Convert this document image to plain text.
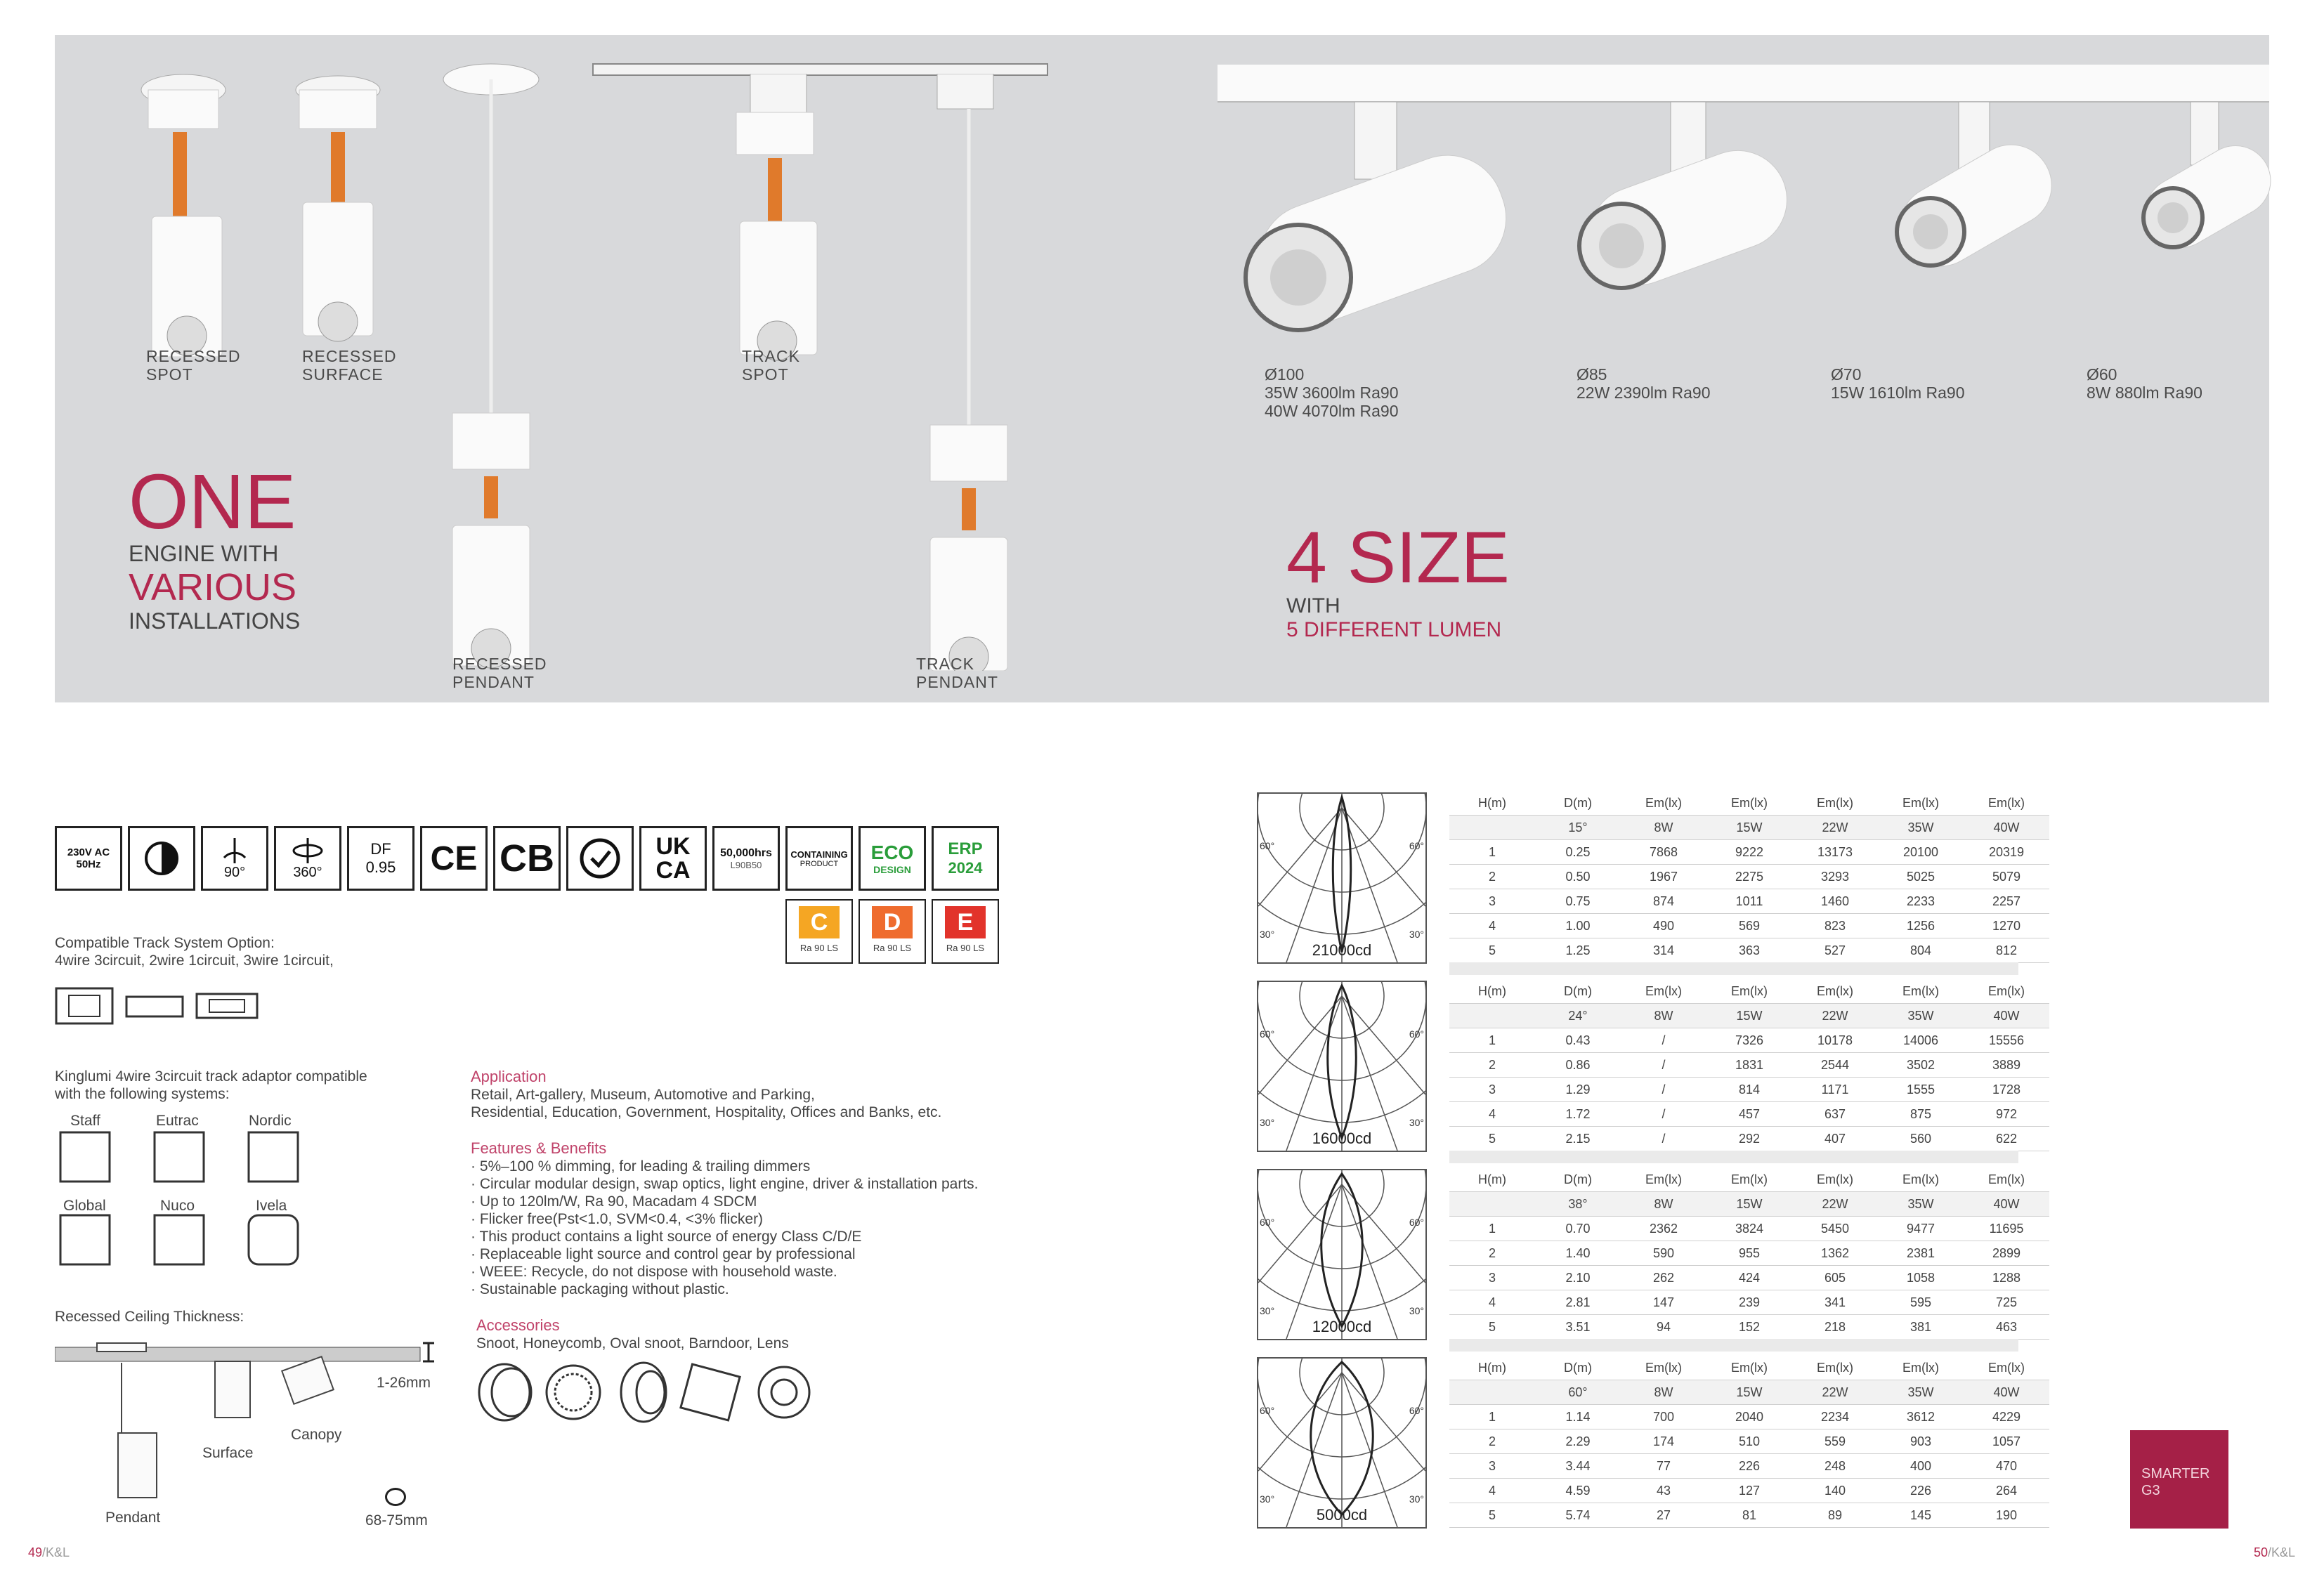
RECESSED
SPOT
RECESSED
SURFACE
TRACK
SPOT
RECESSED
PENDANT
TRACK
PENDANT
ONE
ENGINE WITH
VARIOUS
INSTALLATIONS
Ø100
35W 3600lm Ra90
40W 4070lm Ra90
Ø85
22W 2390lm Ra90
Ø70
15W 1610lm Ra90
Ø60
8W 880lm Ra90
4 SIZE
WITH
5 DIFFERENT LUMEN
230V AC 50Hz	90°	360°
DF
0.95	CE CB	UK
CA
50,000hrs
L90B50
CONTAINING
PRODUCT
ECO
DESIGN
ERP
2024
C
Ra 90 LS
D
Ra 90 LS
E
Ra 90 LS
Compatible Track System Option:
4wire 3circuit, 2wire 1circuit, 3wire 1circuit,
Kinglumi 4wire 3circuit track adaptor compatible
with the following systems:
Staff	Eutrac	Nordic
Global	Nuco	Ivela
Application
Retail, Art-gallery, Museum, Automotive and Parking,
Residential, Education, Government, Hospitality, Offices and Banks, etc.
Features & Benefits
· 5%–100 % dimming, for leading & trailing dimmers
· Circular modular design, swap optics, light engine, driver & installation parts.
· Up to 120lm/W, Ra 90, Macadam 4 SDCM
· Flicker free(Pst<1.0, SVM<0.4, <3% flicker)
· This product contains a light source of energy Class C/D/E
· Replaceable light source and control gear by professional
· WEEE: Recycle, do not dispose with household waste.
· Sustainable packaging without plastic.
Accessories
Snoot, Honeycomb, Oval snoot, Barndoor, Lens
Recessed Ceiling Thickness:
1-26mm
Surface
Canopy
Pendant	68-75mm
60°	60°
30°	30°
21000cd
60°	60°
30°	30°
16000cd
60°	60°
30°	30°
12000cd
60°	60°
30°	30°
5000cd
H(m)	D(m)	Em(lx)	Em(lx)	Em(lx)	Em(lx)	Em(lx)
	15°	8W	15W	22W	35W	40W
1	0.25	7868	9222	13173	20100	20319
2	0.50	1967	2275	3293	5025	5079
3	0.75	874	1011	1460	2233	2257
4	1.00	490	569	823	1256	1270
5	1.25	314	363	527	804	812
H(m)	D(m)	Em(lx)	Em(lx)	Em(lx)	Em(lx)	Em(lx)
	24°	8W	15W	22W	35W	40W
1	0.43	/	7326	10178	14006	15556
2	0.86	/	1831	2544	3502	3889
3	1.29	/	814	1171	1555	1728
4	1.72	/	457	637	875	972
5	2.15	/	292	407	560	622
H(m)	D(m)	Em(lx)	Em(lx)	Em(lx)	Em(lx)	Em(lx)
	38°	8W	15W	22W	35W	40W
1	0.70	2362	3824	5450	9477	11695
2	1.40	590	955	1362	2381	2899
3	2.10	262	424	605	1058	1288
4	2.81	147	239	341	595	725
5	3.51	94	152	218	381	463
H(m)	D(m)	Em(lx)	Em(lx)	Em(lx)	Em(lx)	Em(lx)
	60°	8W	15W	22W	35W	40W
1	1.14	700	2040	2234	3612	4229
2	2.29	174	510	559	903	1057
3	3.44	77	226	248	400	470
4	4.59	43	127	140	226	264
5	5.74	27	81	89	145	190
SMARTER
G3
49/K&L	50/K&L
